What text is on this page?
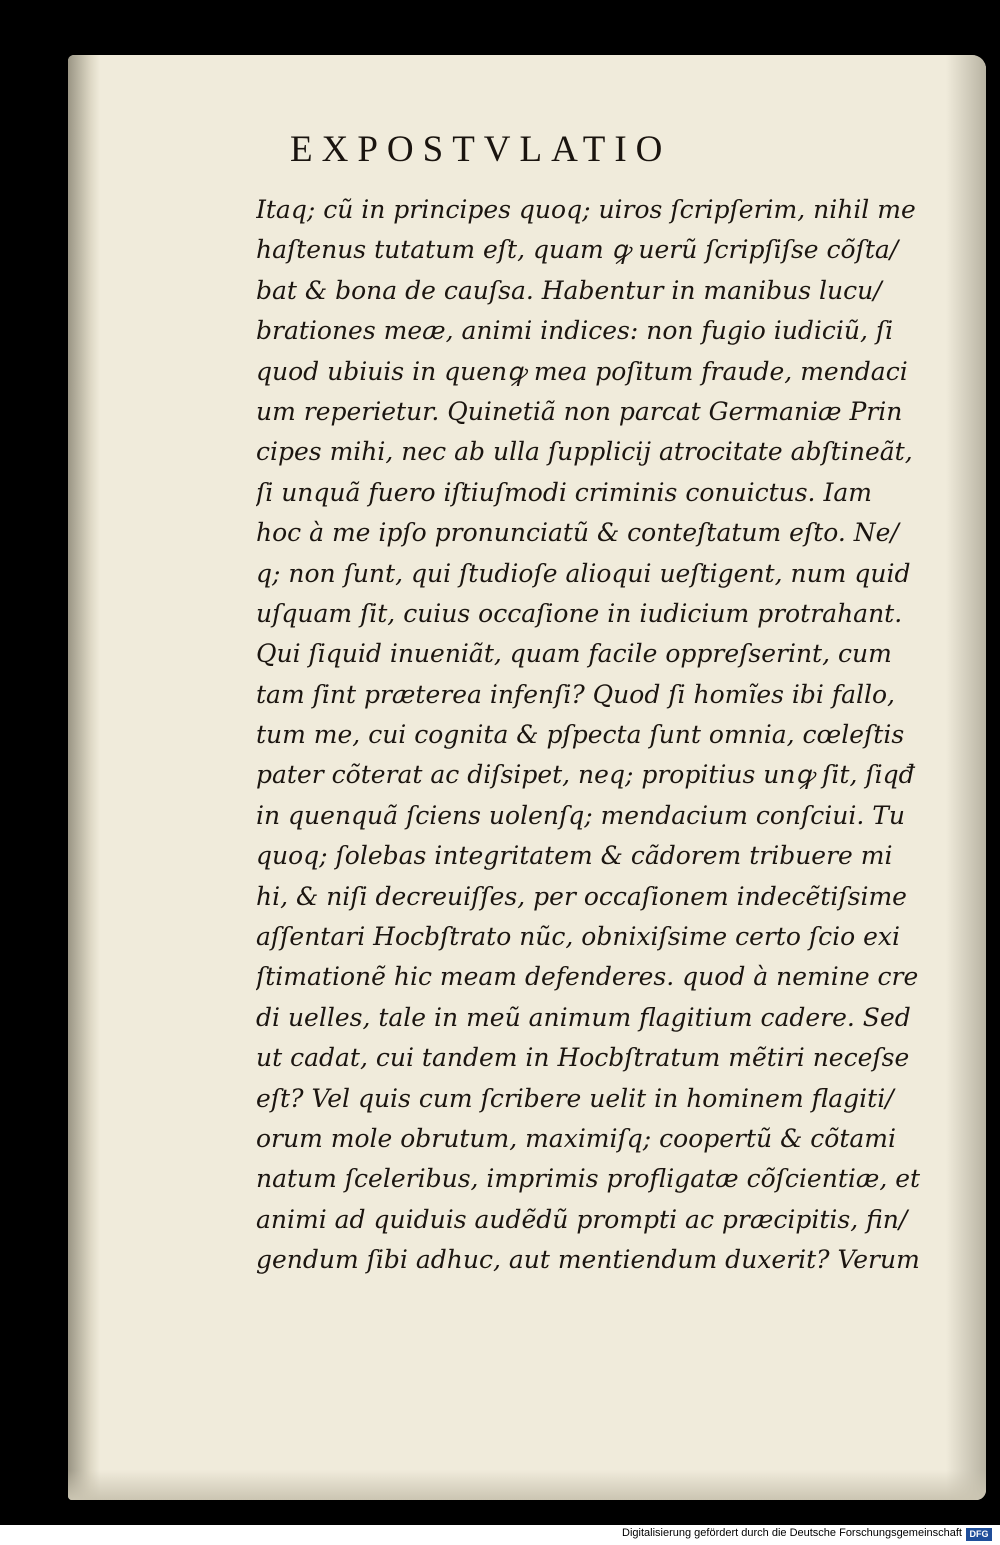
EXPOSTVLATIO
Itaq; cũ in principes quoq; uiros ſcripſerim, nihil me
haſtenus tutatum eſt, quam ꝙ uerũ ſcripſiſse cõſta/
bat & bona de cauſsa. Habentur in manibus lucu/
brationes meæ, animi indices: non fugio iudiciũ, ſi
quod ubiuis in quenꝙ mea poſitum fraude, mendaci
um reperietur. Quinetiã non parcat Germaniæ Prin
cipes mihi, nec ab ulla ſupplicij atrocitate abſtineãt,
ſi unquã fuero iſtiuſmodi criminis conuictus. Iam
hoc à me ipſo pronunciatũ & conteſtatum eſto. Ne/
q; non ſunt, qui ſtudioſe alioqui ueſtigent, num quid
uſquam ſit, cuius occaſione in iudicium protrahant.
Qui ſiquid inueniãt, quam facile oppreſserint, cum
tam ſint præterea infenſi? Quod ſi homĩes ibi fallo,
tum me, cui cognita & pſpecta ſunt omnia, cœleſtis
pater cõterat ac diſsipet, neq; propitius unꝙ ſit, ſiqđ
in quenquã ſciens uolenſq; mendacium conſciui. Tu
quoq; ſolebas integritatem & cãdorem tribuere mi
hi, & niſi decreuiſſes, per occaſionem indecẽtiſsime
aſſentari Hocbſtrato nũc, obnixiſsime certo ſcio exi
ſtimationẽ hic meam defenderes. quod à nemine cre
di uelles, tale in meũ animum flagitium cadere. Sed
ut cadat, cui tandem in Hocbſtratum mẽtiri neceſse
eſt? Vel quis cum ſcribere uelit in hominem flagiti/
orum mole obrutum, maximiſq; coopertũ & cõtami
natum ſceleribus, imprimis profligatæ cõſcientiæ, et
animi ad quiduis audẽdũ prompti ac præcipitis, fin/
gendum ſibi adhuc, aut mentiendum duxerit? Verum
Digitalisierung gefördert durch die Deutsche Forschungsgemeinschaft DFG
